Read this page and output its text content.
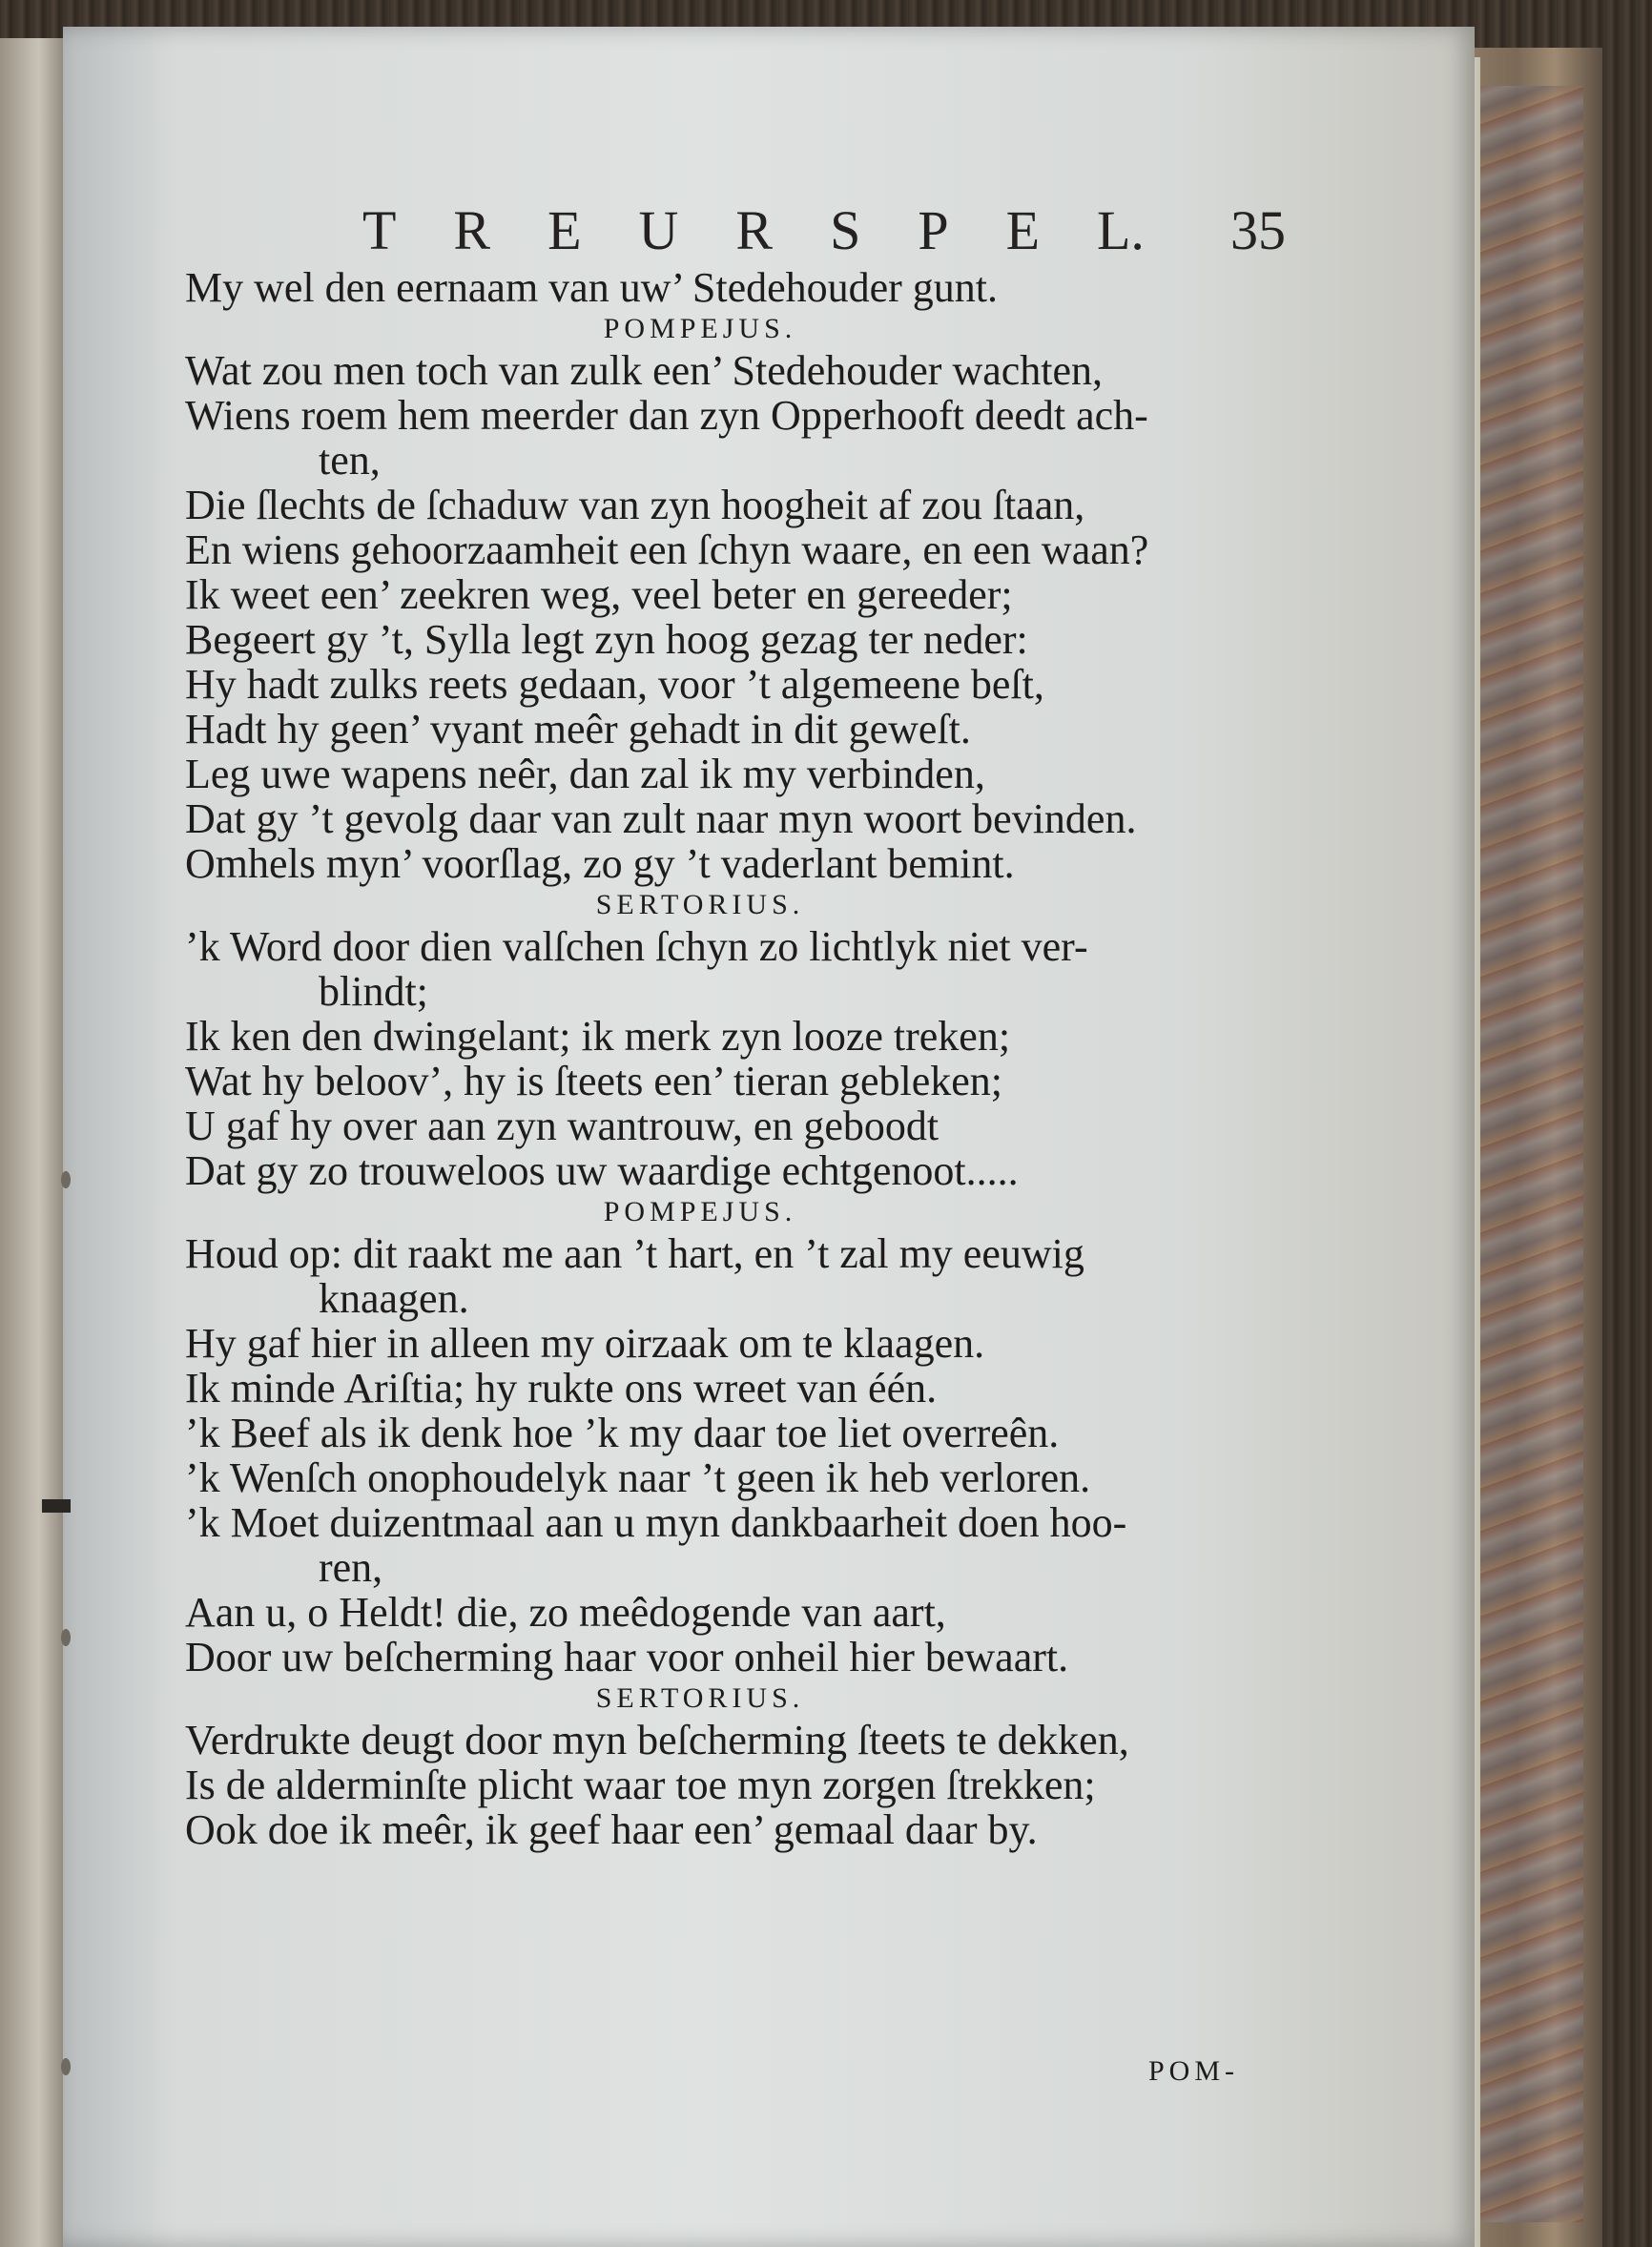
T R E U R S P E L. 35
My wel den eernaam van uw’ Stedehouder gunt.
POMPEJUS.
Wat zou men toch van zulk een’ Stedehouder wachten,
Wiens roem hem meerder dan zyn Opperhooft deedt ach-
ten,
Die ſlechts de ſchaduw van zyn hoogheit af zou ſtaan,
En wiens gehoorzaamheit een ſchyn waare, en een waan?
Ik weet een’ zeekren weg, veel beter en gereeder;
Begeert gy ’t, Sylla legt zyn hoog gezag ter neder:
Hy hadt zulks reets gedaan, voor ’t algemeene beſt,
Hadt hy geen’ vyant meêr gehadt in dit geweſt.
Leg uwe wapens neêr, dan zal ik my verbinden,
Dat gy ’t gevolg daar van zult naar myn woort bevinden.
Omhels myn’ voorſlag, zo gy ’t vaderlant bemint.
SERTORIUS.
’k Word door dien valſchen ſchyn zo lichtlyk niet ver-
blindt;
Ik ken den dwingelant; ik merk zyn looze treken;
Wat hy beloov’, hy is ſteets een’ tieran gebleken;
U gaf hy over aan zyn wantrouw, en geboodt
Dat gy zo trouweloos uw waardige echtgenoot.....
POMPEJUS.
Houd op: dit raakt me aan ’t hart, en ’t zal my eeuwig
knaagen.
Hy gaf hier in alleen my oirzaak om te klaagen.
Ik minde Ariſtia; hy rukte ons wreet van één.
’k Beef als ik denk hoe ’k my daar toe liet overreên.
’k Wenſch onophoudelyk naar ’t geen ik heb verloren.
’k Moet duizentmaal aan u myn dankbaarheit doen hoo-
ren,
Aan u, o Heldt! die, zo meêdogende van aart,
Door uw beſcherming haar voor onheil hier bewaart.
SERTORIUS.
Verdrukte deugt door myn beſcherming ſteets te dekken,
Is de alderminſte plicht waar toe myn zorgen ſtrekken;
Ook doe ik meêr, ik geef haar een’ gemaal daar by.
POM-
